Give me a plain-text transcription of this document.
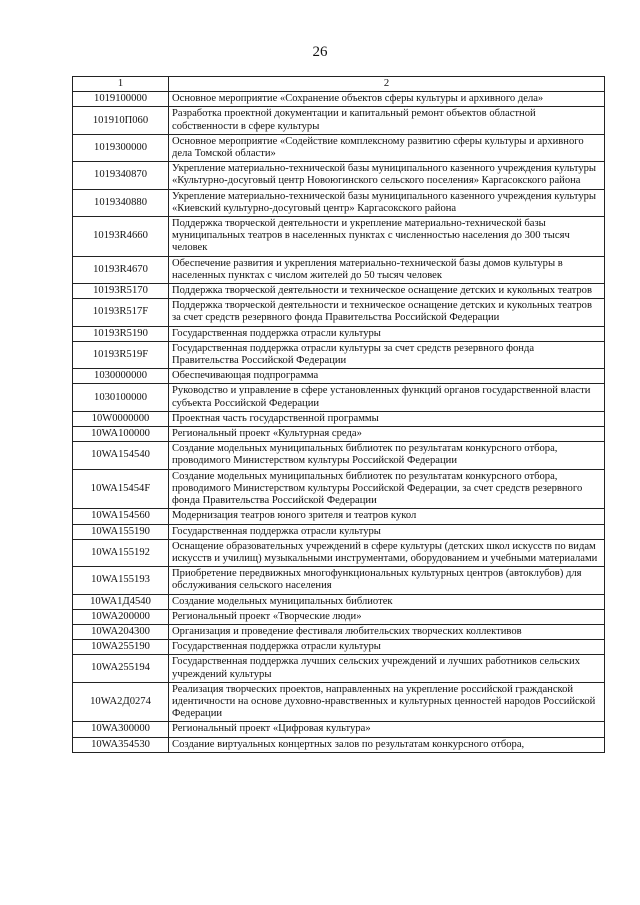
26
1	2
1019100000	Основное мероприятие «Сохранение объектов сферы культуры и архивного дела»
101910П060	Разработка проектной документации и капитальный ремонт объектов областной собственности в сфере культуры
1019300000	Основное мероприятие «Содействие комплексному развитию сферы культуры и архивного дела Томской области»
1019340870	Укрепление материально-технической базы муниципального казенного учреждения культуры «Культурно-досуговый центр Новоюгинского сельского поселения» Каргасокского района
1019340880	Укрепление материально-технической базы муниципального казенного учреждения культуры «Киевский культурно-досуговый центр» Каргасокского района
10193R4660	Поддержка творческой деятельности и укрепление материально-технической базы муниципальных театров в населенных пунктах с численностью населения до 300 тысяч человек
10193R4670	Обеспечение развития и укрепления материально-технической базы домов культуры в населенных пунктах с числом жителей до 50 тысяч человек
10193R5170	Поддержка творческой деятельности и техническое оснащение детских и кукольных театров
10193R517F	Поддержка творческой деятельности и техническое оснащение детских и кукольных театров за счет средств резервного фонда Правительства Российской Федерации
10193R5190	Государственная поддержка отрасли культуры
10193R519F	Государственная поддержка отрасли культуры за счет средств резервного фонда Правительства Российской Федерации
1030000000	Обеспечивающая подпрограмма
1030100000	Руководство и управление в сфере установленных функций органов государственной власти субъекта Российской Федерации
10W0000000	Проектная часть государственной программы
10WA100000	Региональный проект «Культурная среда»
10WA154540	Создание модельных муниципальных библиотек по результатам конкурсного отбора, проводимого Министерством культуры Российской Федерации
10WA15454F	Создание модельных муниципальных библиотек по результатам конкурсного отбора, проводимого Министерством культуры Российской Федерации, за счет средств резервного фонда Правительства Российской Федерации
10WA154560	Модернизация театров юного зрителя и театров кукол
10WA155190	Государственная поддержка отрасли культуры
10WA155192	Оснащение образовательных учреждений в сфере культуры (детских школ искусств по видам искусств и училищ) музыкальными инструментами, оборудованием и учебными материалами
10WA155193	Приобретение передвижных многофункциональных культурных центров (автоклубов) для обслуживания сельского населения
10WA1Д4540	Создание модельных муниципальных библиотек
10WA200000	Региональный проект «Творческие люди»
10WA204300	Организация и проведение фестиваля любительских творческих коллективов
10WA255190	Государственная поддержка отрасли культуры
10WA255194	Государственная поддержка лучших сельских учреждений и лучших работников сельских учреждений культуры
10WA2Д0274	Реализация творческих проектов, направленных на укрепление российской гражданской идентичности на основе духовно-нравственных и культурных ценностей народов Российской Федерации
10WA300000	Региональный проект «Цифровая культура»
10WA354530	Создание виртуальных концертных залов по результатам конкурсного отбора,
